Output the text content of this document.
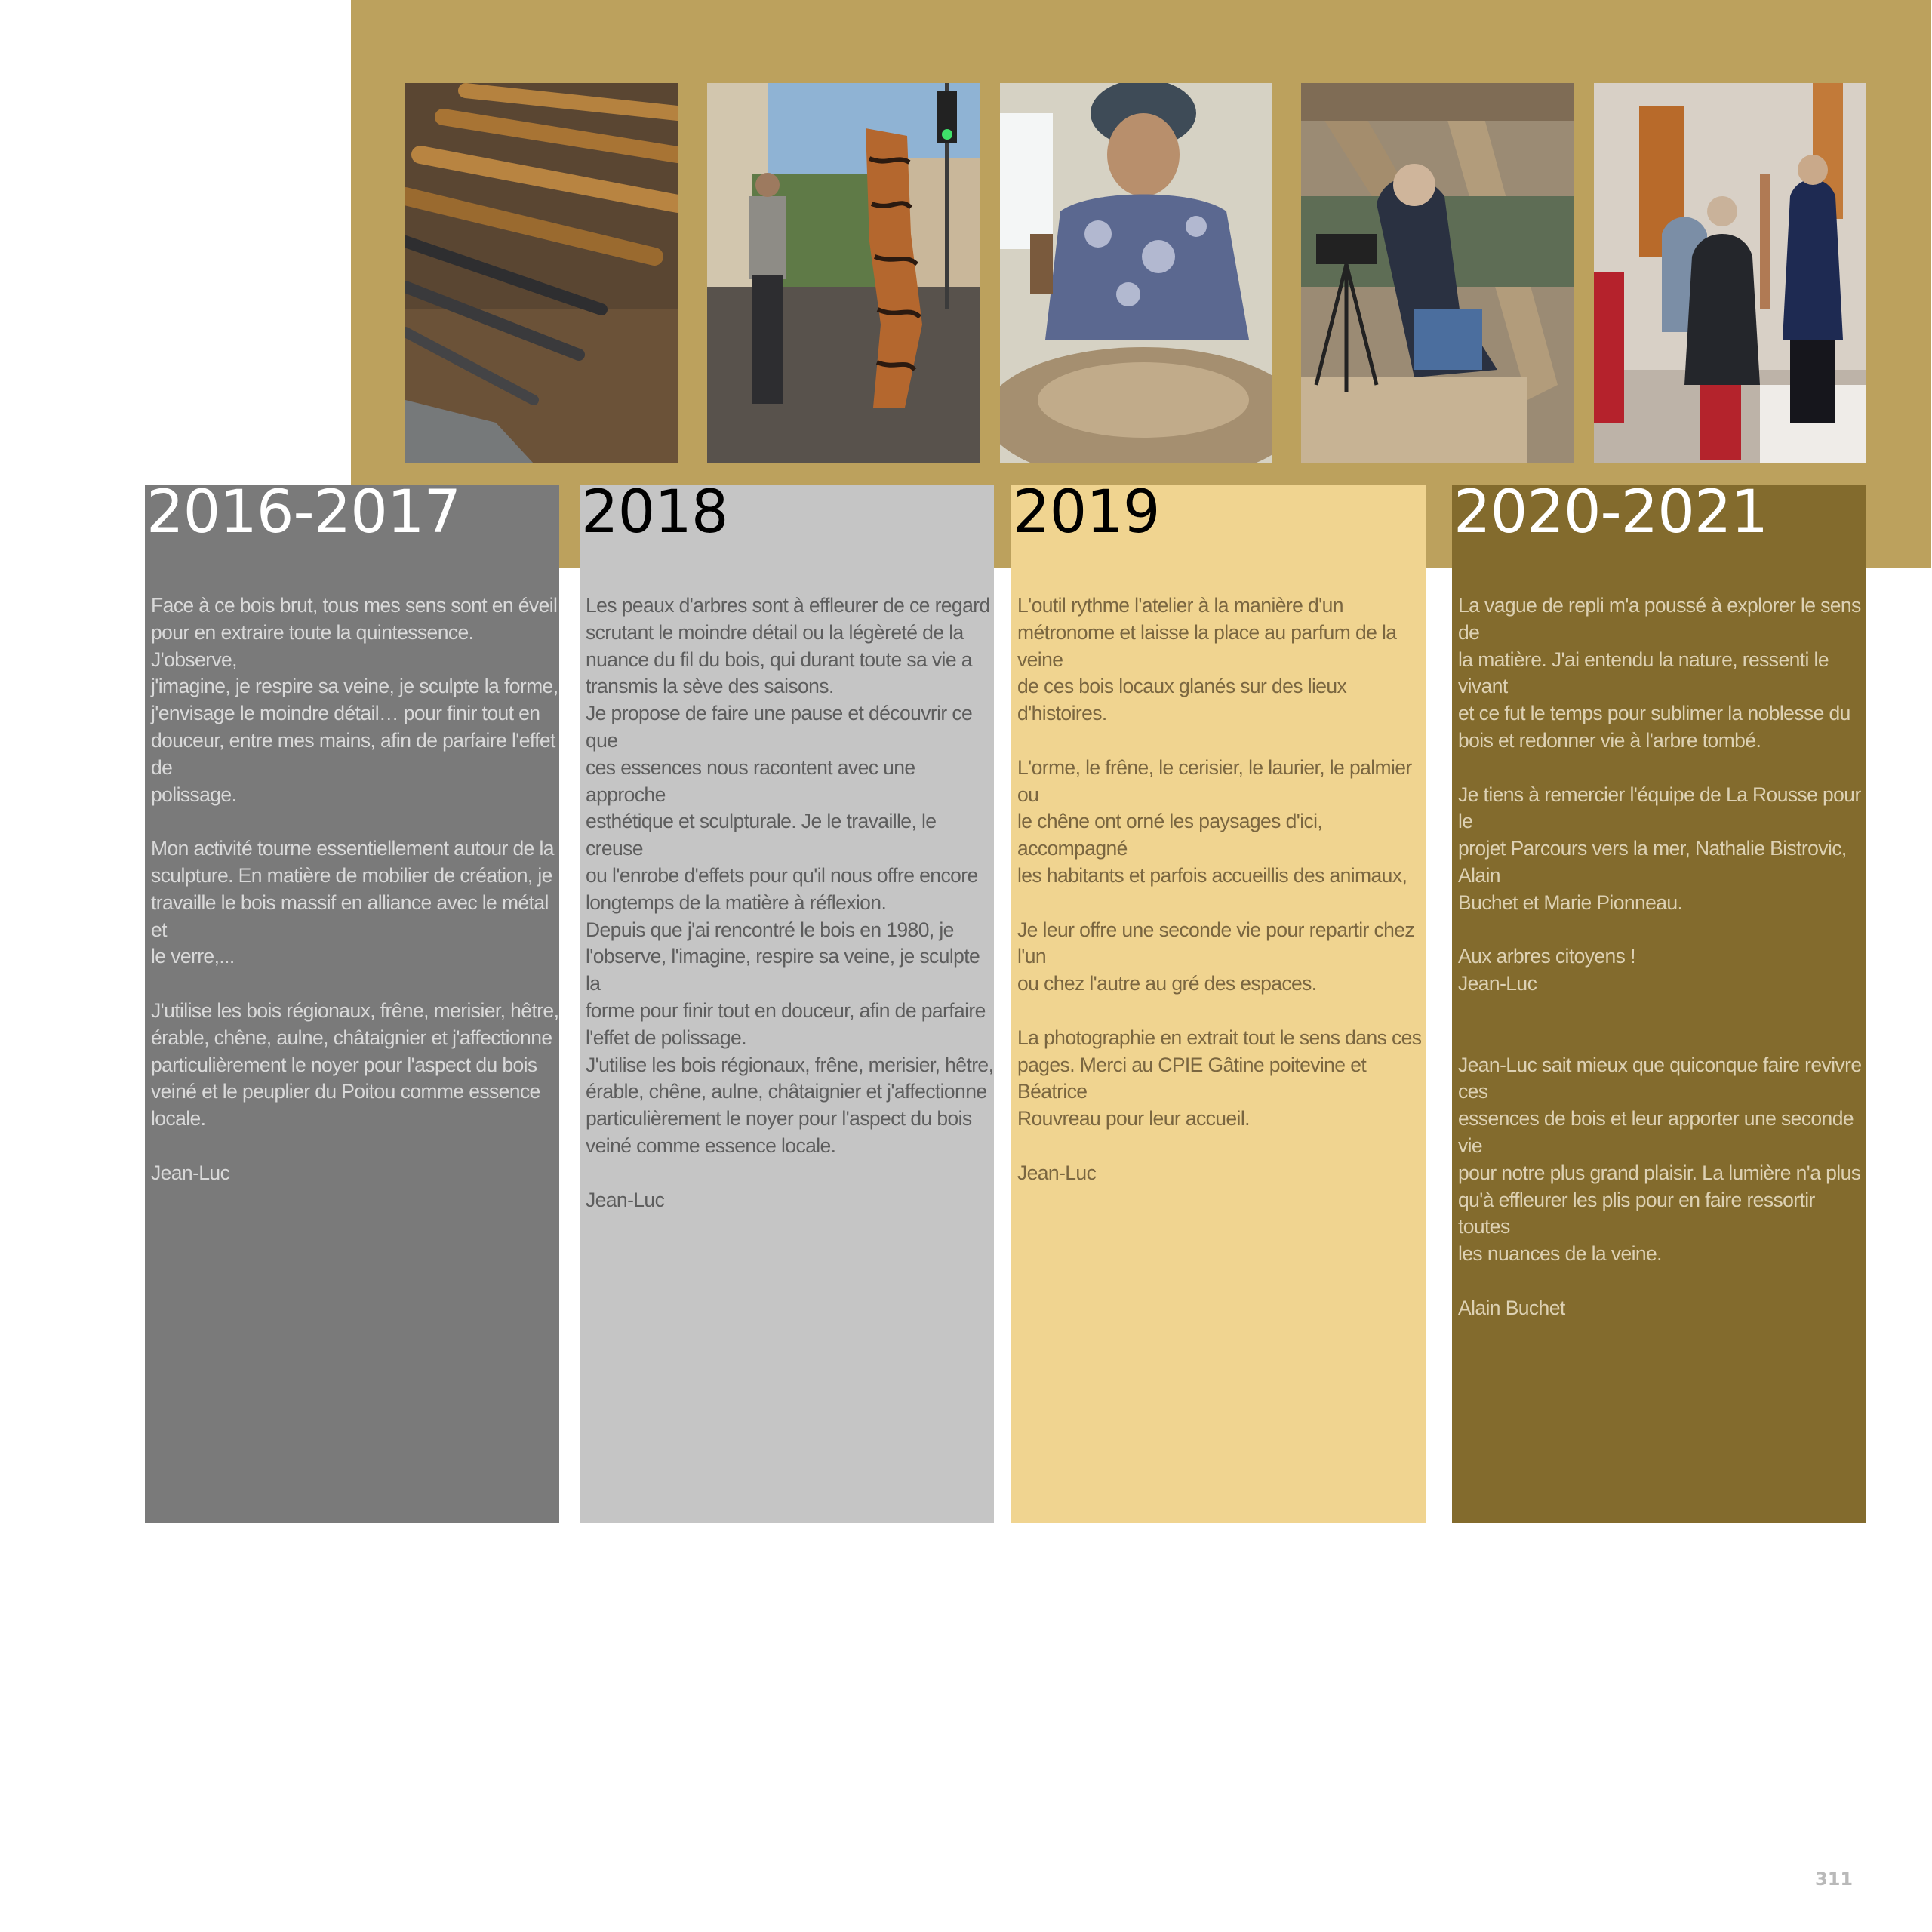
2016-2017

Face à ce bois brut, tous mes sens sont en éveil
pour en extraire toute la quintessence. J'observe,
j'imagine, je respire sa veine, je sculpte la forme,
j'envisage le moindre détail… pour finir tout en
douceur, entre mes mains, afin de parfaire l'effet de
polissage.

Mon activité tourne essentiellement autour de la
sculpture. En matière de mobilier de création, je
travaille le bois massif en alliance avec le métal et
le verre,...

J'utilise les bois régionaux, frêne, merisier, hêtre,
érable, chêne, aulne, châtaignier et j'affectionne
particulièrement le noyer pour l'aspect du bois
veiné et le peuplier du Poitou comme essence
locale.

Jean-Luc

2018

Les peaux d'arbres sont à effleurer de ce regard
scrutant le moindre détail ou la légèreté de la
nuance du fil du bois, qui durant toute sa vie a
transmis la sève des saisons.
Je propose de faire une pause et découvrir ce que
ces essences nous racontent avec une approche
esthétique et sculpturale. Je le travaille, le creuse
ou l'enrobe d'effets pour qu'il nous offre encore
longtemps de la matière à réflexion.
Depuis que j'ai rencontré le bois en 1980, je
l'observe, l'imagine, respire sa veine, je sculpte la
forme pour finir tout en douceur, afin de parfaire
l'effet de polissage.
J'utilise les bois régionaux, frêne, merisier, hêtre,
érable, chêne, aulne, châtaignier et j'affectionne
particulièrement le noyer pour l'aspect du bois
veiné comme essence locale.

Jean-Luc

2019

L'outil rythme l'atelier à la manière d'un
métronome et laisse la place au parfum de la veine
de ces bois locaux glanés sur des lieux d'histoires.

L'orme, le frêne, le cerisier, le laurier, le palmier ou
le chêne ont orné les paysages d'ici, accompagné
les habitants et parfois accueillis des animaux,

Je leur offre une seconde vie pour repartir chez l'un
ou chez l'autre au gré des espaces.

La photographie en extrait tout le sens dans ces
pages. Merci au CPIE Gâtine poitevine et Béatrice
Rouvreau pour leur accueil.

Jean-Luc

2020-2021

La vague de repli m'a poussé à explorer le sens de
la matière. J'ai entendu la nature, ressenti le vivant
et ce fut le temps pour sublimer la noblesse du
bois et redonner vie à l'arbre tombé.

Je tiens à remercier l'équipe de La Rousse pour le
projet Parcours vers la mer, Nathalie Bistrovic, Alain
Buchet et Marie Pionneau.

Aux arbres citoyens !
Jean-Luc

Jean-Luc sait mieux que quiconque faire revivre ces
essences de bois et leur apporter une seconde vie
pour notre plus grand plaisir. La lumière n'a plus
qu'à effleurer les plis pour en faire ressortir toutes
les nuances de la veine.

Alain Buchet

311
